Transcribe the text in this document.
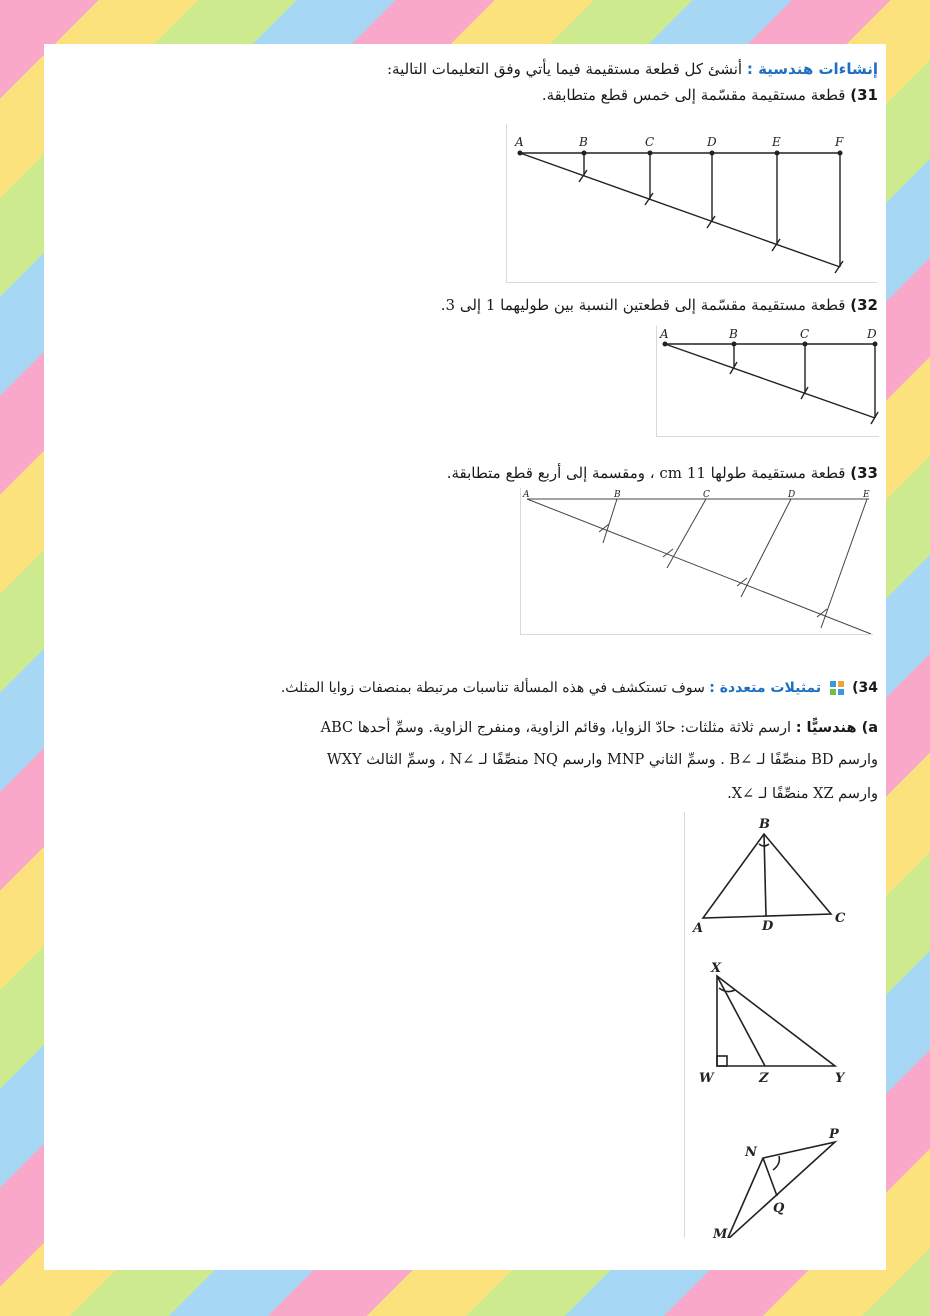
إنشاءات هندسية : أنشئ كل قطعة مستقيمة فيما يأتي وفق التعليمات التالية:
31) قطعة مستقيمة مقسّمة إلى خمس قطع متطابقة.
A	B	C	D	E	F
32) قطعة مستقيمة مقسّمة إلى قطعتين النسبة بين طوليهما 1 إلى 3.
A	B	C	D
33) قطعة مستقيمة طولها 11 cm ، ومقسمة إلى أربع قطع متطابقة.
A	B	C	D	E
34)
تمثيلات متعددة : سوف تستكشف في هذه المسألة تناسبات مرتبطة بمنصفات زوايا المثلث.
a) هندسيًّا : ارسم ثلاثة مثلثات: حادّ الزوايا، وقائم الزاوية، ومنفرج الزاوية. وسمِّ أحدها ABC
وارسم BD منصِّفًا لـ ∠B . وسمِّ الثاني MNP وارسم NQ منصِّفًا لـ ∠N ، وسمِّ الثالث WXY
وارسم XZ منصِّفًا لـ ∠X.
B
A	D
C
X
W	Z	Y
P
N
Q
M
